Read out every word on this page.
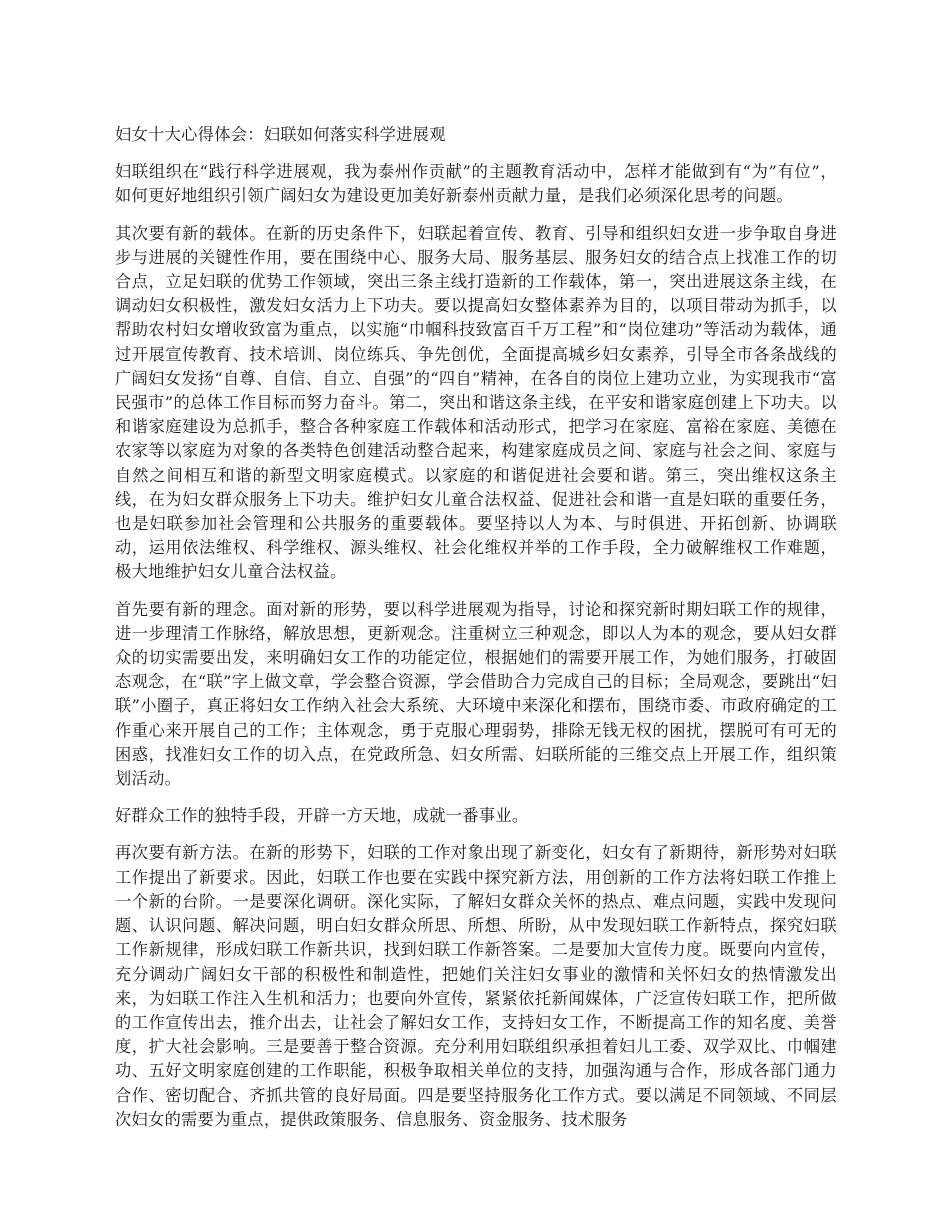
妇女十大心得体会：妇联如何落实科学进展观

妇联组织在“践行科学进展观，我为泰州作贡献”的主题教育活动中，怎样才能做到有“为”有位”， 如何更好地组织引领广阔妇女为建设更加美好新泰州贡献力量，是我们必须深化思考的问题。

其次要有新的载体。在新的历史条件下，妇联起着宣传、教育、引导和组织妇女进一步争取自身进步与进展的关键性作用，要在围绕中心、服务大局、服务基层、服务妇女的结合点上找准工作的切合点，立足妇联的优势工作领域，突出三条主线打造新的工作载体，第一，突出进展这条主线，在调动妇女积极性，激发妇女活力上下功夫。要以提高妇女整体素养为目的，以项目带动为抓手，以帮助农村妇女增收致富为重点，以实施“巾帼科技致富百千万工程”和“岗位建功”等活动为载体，通过开展宣传教育、技术培训、岗位练兵、争先创优，全面提高城乡妇女素养，引导全市各条战线的广阔妇女发扬“自尊、自信、自立、自强”的“四自”精神，在各自的岗位上建功立业，为实现我市“富民强市”的总体工作目标而努力奋斗。第二，突出和谐这条主线，在平安和谐家庭创建上下功夫。以和谐家庭建设为总抓手，整合各种家庭工作载体和活动形式，把学习在家庭、富裕在家庭、美德在农家等以家庭为对象的各类特色创建活动整合起来，构建家庭成员之间、家庭与社会之间、家庭与自然之间相互和谐的新型文明家庭模式。以家庭的和谐促进社会要和谐。第三，突出维权这条主线，在为妇女群众服务上下功夫。维护妇女儿童合法权益、促进社会和谐一直是妇联的重要任务，也是妇联参加社会管理和公共服务的重要载体。要坚持以人为本、与时俱进、开拓创新、协调联动，运用依法维权、科学维权、源头维权、社会化维权并举的工作手段，全力破解维权工作难题，极大地维护妇女儿童合法权益。

首先要有新的理念。面对新的形势，要以科学进展观为指导，讨论和探究新时期妇联工作的规律，进一步理清工作脉络，解放思想，更新观念。注重树立三种观念，即以人为本的观念，要从妇女群众的切实需要出发，来明确妇女工作的功能定位，根据她们的需要开展工作，为她们服务，打破固态观念，在“联”字上做文章，学会整合资源，学会借助合力完成自己的目标；全局观念，要跳出“妇联”小圈子，真正将妇女工作纳入社会大系统、大环境中来深化和摆布，围绕市委、市政府确定的工作重心来开展自己的工作；主体观念，勇于克服心理弱势，排除无钱无权的困扰，摆脱可有可无的困惑，找准妇女工作的切入点，在党政所急、妇女所需、妇联所能的三维交点上开展工作，组织策划活动。

好群众工作的独特手段，开辟一方天地，成就一番事业。

再次要有新方法。在新的形势下，妇联的工作对象出现了新变化，妇女有了新期待，新形势对妇联工作提出了新要求。因此，妇联工作也要在实践中探究新方法，用创新的工作方法将妇联工作推上一个新的台阶。一是要深化调研。深化实际，了解妇女群众关怀的热点、难点问题，实践中发现问题、认识问题、解决问题，明白妇女群众所思、所想、所盼，从中发现妇联工作新特点，探究妇联工作新规律，形成妇联工作新共识，找到妇联工作新答案。二是要加大宣传力度。既要向内宣传，充分调动广阔妇女干部的积极性和制造性，把她们关注妇女事业的激情和关怀妇女的热情激发出来，为妇联工作注入生机和活力；也要向外宣传，紧紧依托新闻媒体，广泛宣传妇联工作，把所做的工作宣传出去，推介出去，让社会了解妇女工作，支持妇女工作，不断提高工作的知名度、美誉度，扩大社会影响。三是要善于整合资源。充分利用妇联组织承担着妇儿工委、双学双比、巾帼建功、五好文明家庭创建的工作职能，积极争取相关单位的支持，加强沟通与合作，形成各部门通力合作、密切配合、齐抓共管的良好局面。四是要坚持服务化工作方式。要以满足不同领域、不同层次妇女的需要为重点，提供政策服务、信息服务、资金服务、技术服务
